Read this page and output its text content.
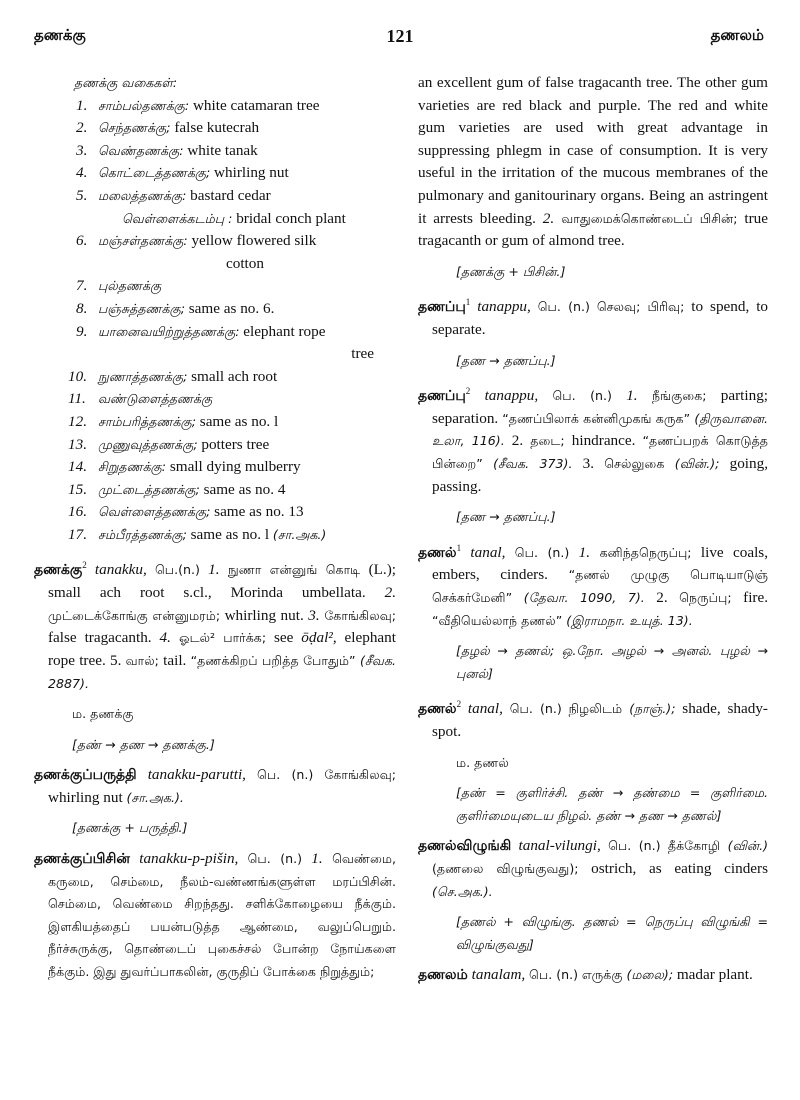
தணக்கு	121	தணலம்

தணக்கு வகைகள்:

1. சாம்பல்தணக்கு: white catamaran tree

2. செந்தணக்கு; false kutecrah

3. வெண்தணக்கு: white tanak

4. கொட்டைத்தணக்கு; whirling nut

5. மலைத்தணக்கு: bastard cedar

வெள்ளைக்கடம்பு : bridal conch plant

6. மஞ்சள்தணக்கு: yellow flowered silk

cotton

7. புல்தணக்கு

8. பஞ்சுத்தணக்கு; same as no. 6.

9. யானைவயிற்றுத்தணக்கு: elephant rope

tree

10. நுணாத்தணக்கு; small ach root

11. வண்டுளைத்தணக்கு

12. சாம்பரித்தணக்கு; same as no. l

13. முணுவுத்தணக்கு; potters tree

14. சிறுதணக்கு: small dying mulberry

15. முட்டைத்தணக்கு; same as no. 4

16. வெள்ளைத்தணக்கு; same as no. 13

17. சம்பீரத்தணக்கு; same as no. l (சா.அக.)

தணக்கு$^2$ tanakku, பெ.(n.) 1. நுணா என்னுங் கொடி (L.); small ach root s.cl., Morinda umbellata. 2. முட்டைக்கோங்கு என்னுமரம்; whirling nut. 3. கோங்கிலவு; false tragacanth. 4. ஓடல்² பார்க்க; see ōḍal², elephant rope tree. 5. வால்; tail. “தணக்கிறப் பறித்த போதும்” (சீவக. 2887).

ம. தணக்கு

[தண் → தண → தணக்கு.]

தணக்குப்பருத்தி tanakku-parutti, பெ. (n.) கோங்கிலவு; whirling nut (சா.அக.).

[தணக்கு + பருத்தி.]

தணக்குப்பிசின் tanakku-p-pišin, பெ. (n.) 1. வெண்மை, கருமை, செம்மை, நீலம்-வண்ணங்களுள்ள மரப்பிசின். செம்மை, வெண்மை சிறந்தது. சளிக்கோழையை நீக்கும். இளகியத்தைப் பயன்படுத்த ஆண்மை, வலுப்பெறும். நீர்ச்சுருக்கு, தொண்டைப் புகைச்சல் போன்ற நோய்களை நீக்கும். இது துவர்ப்பாகலின், குருதிப் போக்கை நிறுத்தும்;

an excellent gum of false tragacanth tree. The other gum varieties are red black and purple. The red and white gum varieties are used with great advantage in suppressing phlegm in case of consumption. It is very useful in the irritation of the mucous membranes of the pulmonary and ganitourinary organs. Being an astringent it arrests bleeding. 2. வாதுமைக்கொண்டைப் பிசின்; true tragacanth or gum of almond tree.

[தணக்கு + பிசின்.]

தணப்பு$^1$ tanappu, பெ. (n.) செலவு; பிரிவு; to spend, to separate.

[தண → தணப்பு.]

தணப்பு$^2$ tanappu, பெ. (n.) 1. நீங்குகை; parting; separation. “தணப்பிலாக் கன்னிமுகங் கருக” (திருவானை. உலா, 116). 2. தடை; hindrance. “தணப்பறக் கொடுத்த பின்றை” (சீவக. 373). 3. செல்லுகை (வின்.); going, passing.

[தண → தணப்பு.]

தணல்$^1$ tanal, பெ. (n.) 1. கனிந்தநெருப்பு; live coals, embers, cinders. “தணல் முழுகு பொடியாடுஞ் செக்கர்மேனி” (தேவா. 1090, 7). 2. நெருப்பு; fire. “வீதியெல்லாந் தணல்” (இராமநா. உயுத். 13).

[தழல் → தணல்; ஒ.நோ. அழல் → அனல். புழல் → புனல்]

தணல்$^2$ tanal, பெ. (n.) நிழலிடம் (நாஞ்.); shade, shady-spot.

ம. தணல்

[தண் = குளிர்ச்சி. தண் → தண்மை = குளிர்மை. குளிர்மையுடைய நிழல். தண் → தண → தணல்]

தணல்விழுங்கி tanal-vilungi, பெ. (n.) தீக்கோழி (வின்.) (தணலை விழுங்குவது); ostrich, as eating cinders (செ.அக.).

[தணல் + விழுங்கு. தணல் = நெருப்பு விழுங்கி = விழுங்குவது]

தணலம் tanalam, பெ. (n.) எருக்கு (மலை); madar plant.
